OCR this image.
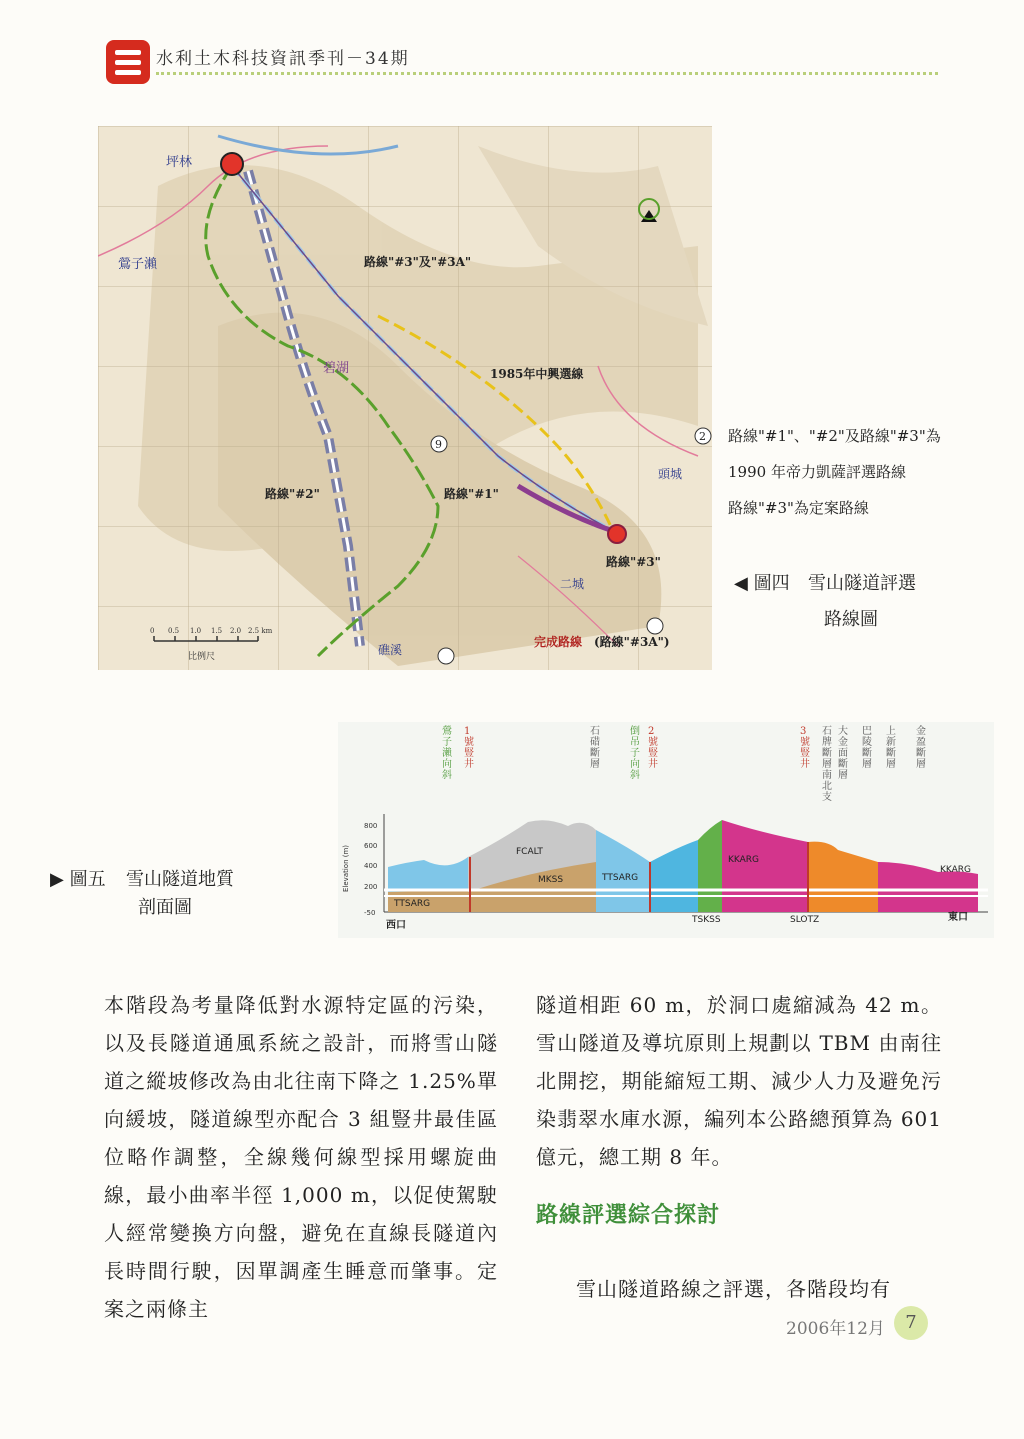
水利土木科技資訊季刊－34期
坪林
鶯子瀨
碧湖
頭城
二城
礁溪
路線"#3"及"#3A"
1985年中興選線
路線"#2"	路線"#1"
路線"#3"
完成路線 (路線"#3A")
9
2
比例尺
0 0.5 1.0 1.5 2.0 2.5 km
路線"#1"、"#2"及路線"#3"為
1990 年帝力凱薩評選路線
路線"#3"為定案路線
◀ 圖四 雪山隧道評選
路線圖
800
600
400
200
-50
Elevation (m)	FCALT
MKSS
TTSARG
TTSARG
KKARG
KKARG
TSKSS	SLOTZ
西口
東口
鶯子瀨向斜
1 號豎井
石碏斷層
倒吊子向斜
2 號豎井
3 號豎井
石牌斷層南北支
大金面斷層
巴陵斷層
上新斷層
金盈斷層
▶ 圖五 雪山隧道地質
剖面圖
本階段為考量降低對水源特定區的污染，以及長隧道通風系統之設計，而將雪山隧道之縱坡修改為由北往南下降之 1.25%單向緩坡，隧道線型亦配合 3 組豎井最佳區位略作調整，全線幾何線型採用螺旋曲線，最小曲率半徑 1,000 m，以促使駕駛人經常變換方向盤，避免在直線長隧道內長時間行駛，因單調產生睡意而肇事。定案之兩條主
隧道相距 60 m，於洞口處縮減為 42 m。雪山隧道及導坑原則上規劃以 TBM 由南往北開挖，期能縮短工期、減少人力及避免污染翡翠水庫水源，編列本公路總預算為 601 億元，總工期 8 年。
路線評選綜合探討
雪山隧道路線之評選，各階段均有
2006年12月	7
